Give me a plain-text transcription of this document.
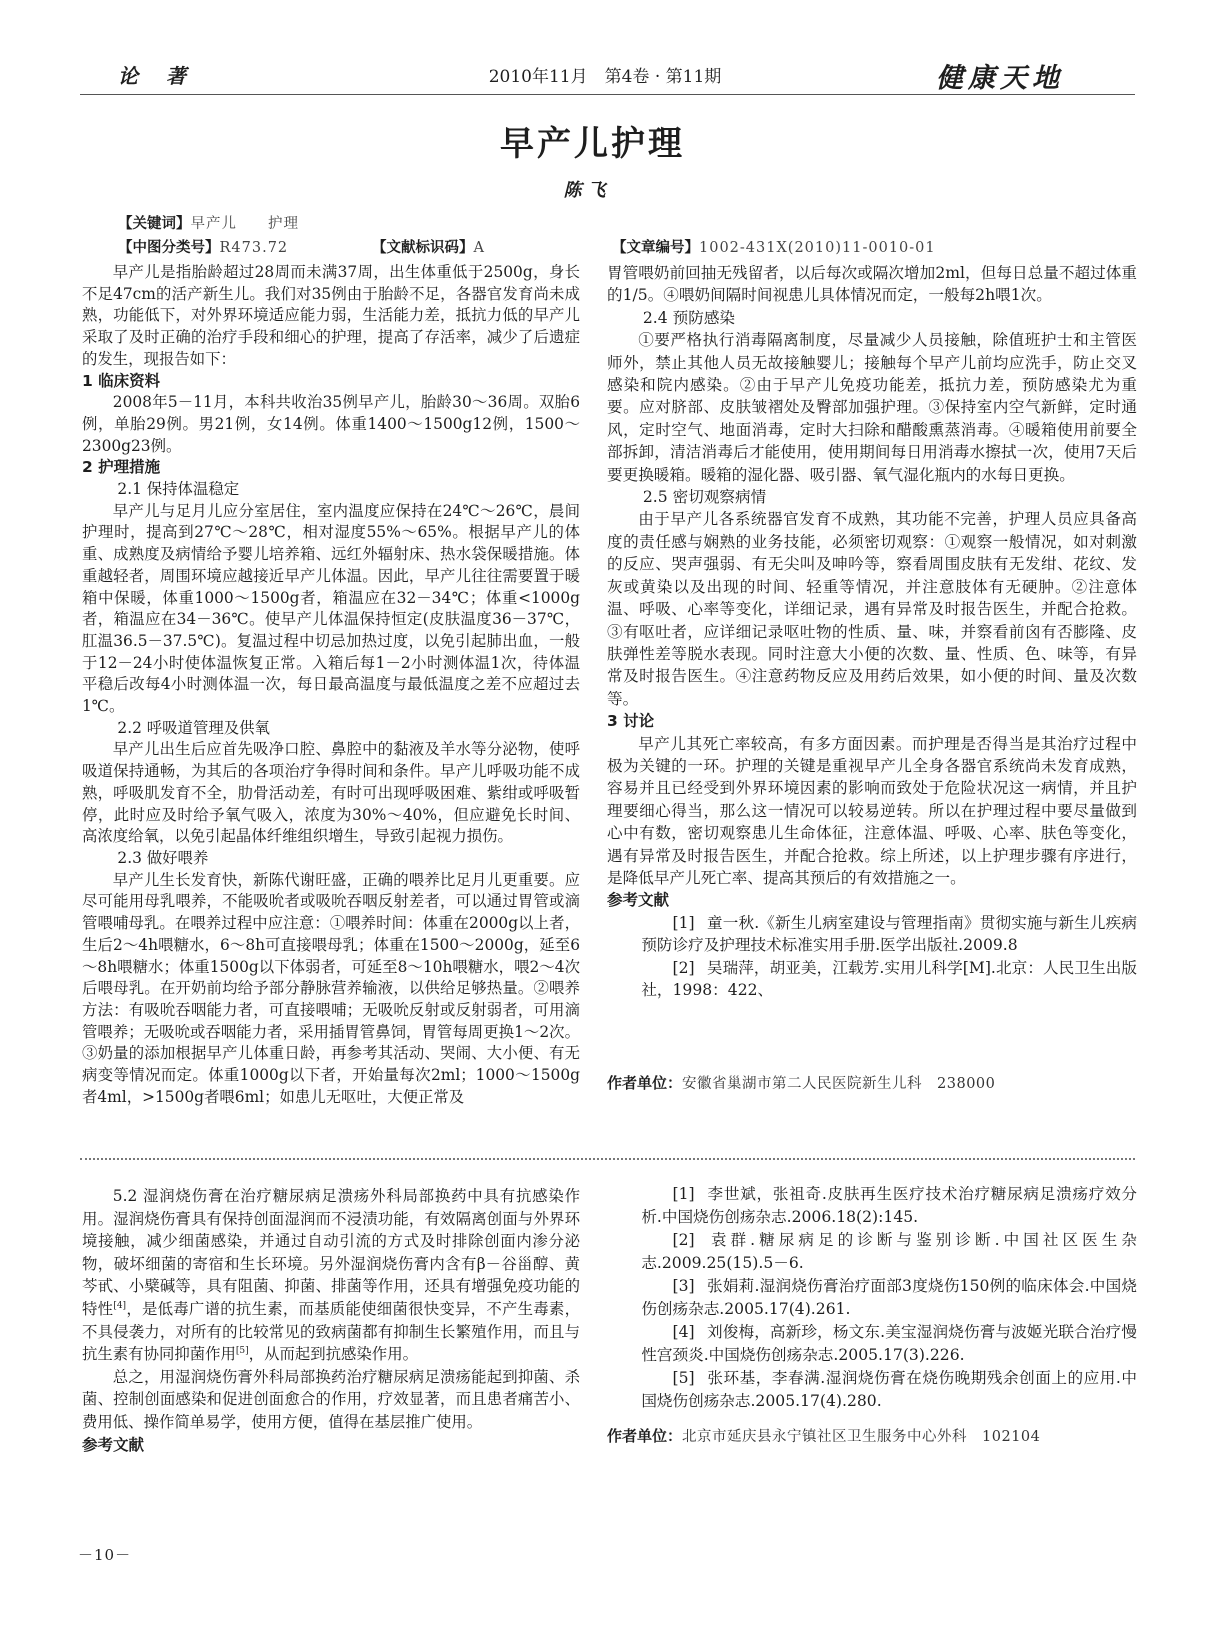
论　著	2010年11月　第4卷 · 第11期	健康天地
早产儿护理
陈飞
【关键词】早产儿　　护理
【中图分类号】R473.72	【文献标识码】A	【文章编号】1002-431X(2010)11-0010-01

早产儿是指胎龄超过28周而未满37周，出生体重低于2500g，身长不足47cm的活产新生儿。我们对35例由于胎龄不足，各器官发育尚未成熟，功能低下，对外界环境适应能力弱，生活能力差，抵抗力低的早产儿采取了及时正确的治疗手段和细心的护理，提高了存活率，减少了后遗症的发生，现报告如下：

1 临床资料

2008年5－11月，本科共收治35例早产儿，胎龄30～36周。双胎6例，单胎29例。男21例，女14例。体重1400～1500g12例，1500～2300g23例。

2 护理措施
2.1 保持体温稳定

早产儿与足月儿应分室居住，室内温度应保持在24℃～26℃，晨间护理时，提高到27℃～28℃，相对湿度55%～65%。根据早产儿的体重、成熟度及病情给予婴儿培养箱、远红外辐射床、热水袋保暖措施。体重越轻者，周围环境应越接近早产儿体温。因此，早产儿往往需要置于暖箱中保暖，体重1000～1500g者，箱温应在32－34℃；体重<1000g者，箱温应在34－36℃。使早产儿体温保持恒定(皮肤温度36－37℃，肛温36.5－37.5℃)。复温过程中切忌加热过度，以免引起肺出血，一般于12－24小时使体温恢复正常。入箱后每1－2小时测体温1次，待体温平稳后改每4小时测体温一次，每日最高温度与最低温度之差不应超过去1℃。

2.2 呼吸道管理及供氧

早产儿出生后应首先吸净口腔、鼻腔中的黏液及羊水等分泌物，使呼吸道保持通畅，为其后的各项治疗争得时间和条件。早产儿呼吸功能不成熟，呼吸肌发育不全，肋骨活动差，有时可出现呼吸困难、紫绀或呼吸暂停，此时应及时给予氧气吸入，浓度为30%～40%，但应避免长时间、高浓度给氧，以免引起晶体纤维组织增生，导致引起视力损伤。

2.3 做好喂养

早产儿生长发育快，新陈代谢旺盛，正确的喂养比足月儿更重要。应尽可能用母乳喂养，不能吸吮者或吸吮吞咽反射差者，可以通过胃管或滴管喂哺母乳。在喂养过程中应注意：①喂养时间：体重在2000g以上者，生后2～4h喂糖水，6～8h可直接喂母乳；体重在1500～2000g，延至6～8h喂糖水；体重1500g以下体弱者，可延至8～10h喂糖水，喂2～4次后喂母乳。在开奶前均给予部分静脉营养输液，以供给足够热量。②喂养方法：有吸吮吞咽能力者，可直接喂哺；无吸吮反射或反射弱者，可用滴管喂养；无吸吮或吞咽能力者，采用插胃管鼻饲，胃管每周更换1～2次。③奶量的添加根据早产儿体重日龄，再参考其活动、哭闹、大小便、有无病变等情况而定。体重1000g以下者，开始量每次2ml；1000～1500g者4ml，>1500g者喂6ml；如患儿无呕吐，大便正常及

胃管喂奶前回抽无残留者，以后每次或隔次增加2ml，但每日总量不超过体重的1/5。④喂奶间隔时间视患儿具体情况而定，一般每2h喂1次。

2.4 预防感染

①要严格执行消毒隔离制度，尽量减少人员接触，除值班护士和主管医师外，禁止其他人员无故接触婴儿；接触每个早产儿前均应洗手，防止交叉感染和院内感染。②由于早产儿免疫功能差，抵抗力差，预防感染尤为重要。应对脐部、皮肤皱褶处及臀部加强护理。③保持室内空气新鲜，定时通风，定时空气、地面消毒，定时大扫除和醋酸熏蒸消毒。④暖箱使用前要全部拆卸，清洁消毒后才能使用，使用期间每日用消毒水擦拭一次，使用7天后要更换暖箱。暖箱的湿化器、吸引器、氧气湿化瓶内的水每日更换。

2.5 密切观察病情

由于早产儿各系统器官发育不成熟，其功能不完善，护理人员应具备高度的责任感与娴熟的业务技能，必须密切观察：①观察一般情况，如对刺激的反应、哭声强弱、有无尖叫及呻吟等，察看周围皮肤有无发绀、花纹、发灰或黄染以及出现的时间、轻重等情况，并注意肢体有无硬肿。②注意体温、呼吸、心率等变化，详细记录，遇有异常及时报告医生，并配合抢救。③有呕吐者，应详细记录呕吐物的性质、量、味，并察看前囟有否膨隆、皮肤弹性差等脱水表现。同时注意大小便的次数、量、性质、色、味等，有异常及时报告医生。④注意药物反应及用药后效果，如小便的时间、量及次数等。

3 讨论

早产儿其死亡率较高，有多方面因素。而护理是否得当是其治疗过程中极为关键的一环。护理的关键是重视早产儿全身各器官系统尚未发育成熟，容易并且已经受到外界环境因素的影响而致处于危险状况这一病情，并且护理要细心得当，那么这一情况可以较易逆转。所以在护理过程中要尽量做到心中有数，密切观察患儿生命体征，注意体温、呼吸、心率、肤色等变化，遇有异常及时报告医生，并配合抢救。综上所述，以上护理步骤有序进行，是降低早产儿死亡率、提高其预后的有效措施之一。

参考文献

[1] 童一秋.《新生儿病室建设与管理指南》贯彻实施与新生儿疾病预防诊疗及护理技术标准实用手册.医学出版社.2009.8

[2] 吴瑞萍，胡亚美，江载芳.实用儿科学[M].北京：人民卫生出版社，1998：422、

作者单位：安徽省巢湖市第二人民医院新生儿科　238000

5.2 湿润烧伤膏在治疗糖尿病足溃疡外科局部换药中具有抗感染作用。湿润烧伤膏具有保持创面湿润而不浸渍功能，有效隔离创面与外界环境接触，减少细菌感染，并通过自动引流的方式及时排除创面内渗分泌物，破坏细菌的寄宿和生长环境。另外湿润烧伤膏内含有β－谷甾醇、黄芩甙、小檗碱等，具有阻菌、抑菌、排菌等作用，还具有增强免疫功能的特性[4]，是低毒广谱的抗生素，而基质能使细菌很快变异，不产生毒素，不具侵袭力，对所有的比较常见的致病菌都有抑制生长繁殖作用，而且与抗生素有协同抑菌作用[5]，从而起到抗感染作用。

总之，用湿润烧伤膏外科局部换药治疗糖尿病足溃疡能起到抑菌、杀菌、控制创面感染和促进创面愈合的作用，疗效显著，而且患者痛苦小、费用低、操作简单易学，使用方便，值得在基层推广使用。

参考文献

[1] 李世斌，张祖奇.皮肤再生医疗技术治疗糖尿病足溃疡疗效分析.中国烧伤创疡杂志.2006.18(2):145.

[2] 袁群.糖尿病足的诊断与鉴别诊断.中国社区医生杂志.2009.25(15).5－6.

[3] 张娟莉.湿润烧伤膏治疗面部3度烧伤150例的临床体会.中国烧伤创疡杂志.2005.17(4).261.

[4] 刘俊梅，高新珍，杨文东.美宝湿润烧伤膏与波姬光联合治疗慢性宫颈炎.中国烧伤创疡杂志.2005.17(3).226.

[5] 张环基，李春满.湿润烧伤膏在烧伤晚期残余创面上的应用.中国烧伤创疡杂志.2005.17(4).280.

作者单位：北京市延庆县永宁镇社区卫生服务中心外科　102104
－10－
